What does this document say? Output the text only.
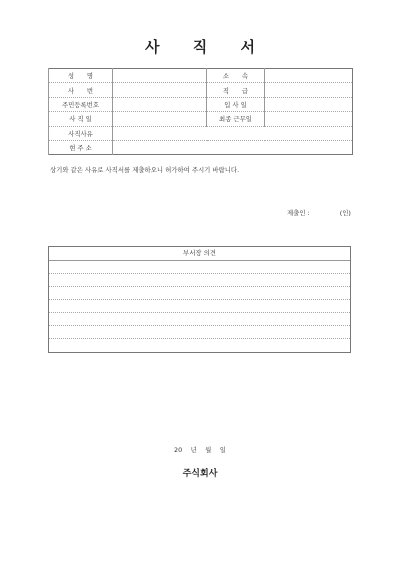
사 직 서
성　　명		소　　속	
사　　번		직　　급	
주민등록번호		입 사 일	
사 직 일		최종 근무일	
사직사유			
현 주 소			
상기와 같은 사유로 사직서를 제출하오니 허가하여 주시기 바랍니다.
제출인 :	(인)
부서장 의견
20　 년　 월　 일
주식회사
